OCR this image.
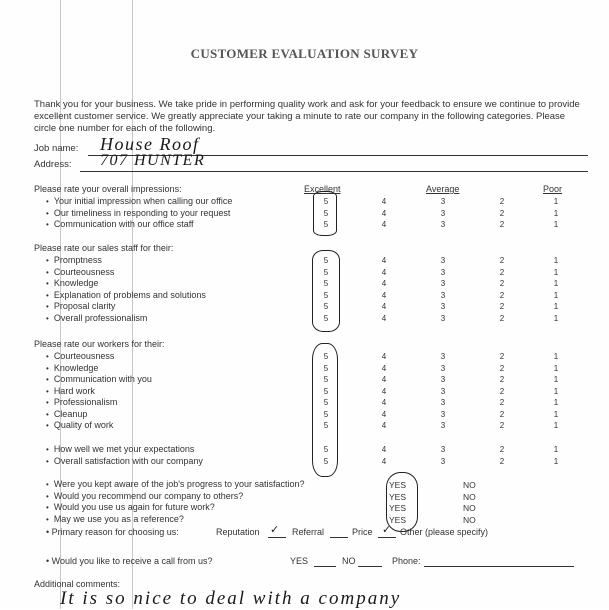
CUSTOMER EVALUATION SURVEY
Thank you for your business. We take pride in performing quality work and ask for your feedback to ensure we continue to provide excellent customer service. We greatly appreciate your taking a minute to rate our company in the following categories. Please circle one number for each of the following.
Job name: House Roof
Address: 707 HUNTER
Excellent	Average	Poor
Please rate your overall impressions:
• Your initial impression when calling our office	5	4	3	2	1
• Our timeliness in responding to your request	5	4	3	2	1
• Communication with our office staff	5	4	3	2	1
Please rate our sales staff for their:
• Promptness	5	4	3	2	1
• Courteousness	5	4	3	2	1
• Knowledge	5	4	3	2	1
• Explanation of problems and solutions	5	4	3	2	1
• Proposal clarity	5	4	3	2	1
• Overall professionalism	5	4	3	2	1
Please rate our workers for their:
• Courteousness	5	4	3	2	1
• Knowledge	5	4	3	2	1
• Communication with you	5	4	3	2	1
• Hard work	5	4	3	2	1
• Professionalism	5	4	3	2	1
• Cleanup	5	4	3	2	1
• Quality of work	5	4	3	2	1
• How well we met your expectations	5	4	3	2	1
• Overall satisfaction with our company	5	4	3	2	1
• Were you kept aware of the job's progress to your satisfaction?	YES	NO
• Would you recommend our company to others?	YES	NO
• Would you use us again for future work?	YES	NO
• May we use you as a reference?	YES	NO
• Primary reason for choosing us:	Reputation ✓ Referral	Price ✓ Other (please specify)
• Would you like to receive a call from us?	YES	NO	Phone:
Additional comments:
It is so nice to deal with a company
